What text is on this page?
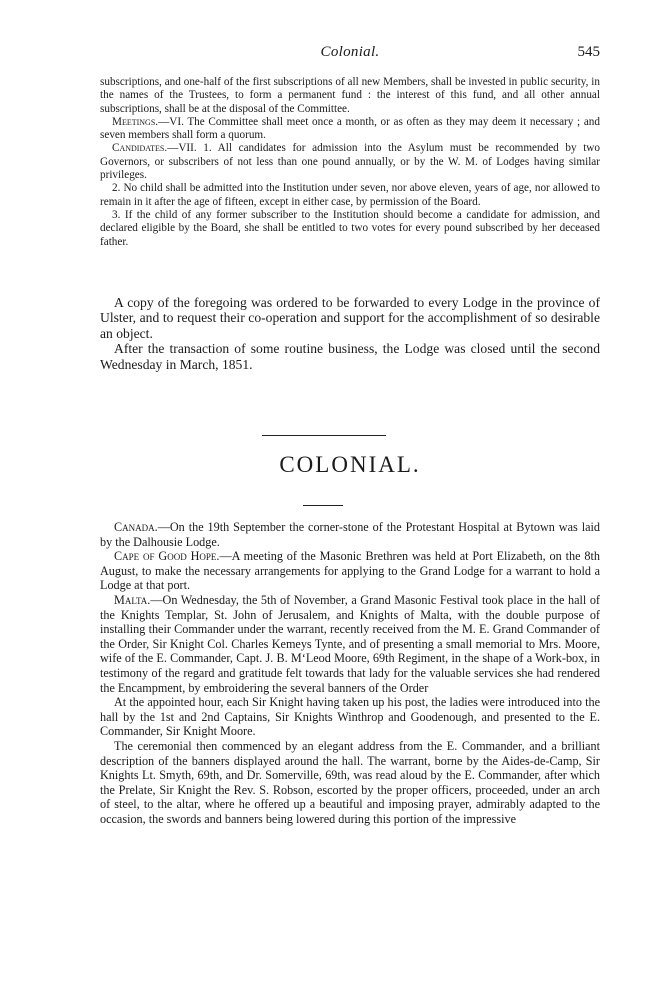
Colonial.	545

subscriptions, and one-half of the first subscriptions of all new Members, shall be invested in public security, in the names of the Trustees, to form a permanent fund : the interest of this fund, and all other annual subscriptions, shall be at the disposal of the Committee.

Meetings.—VI. The Committee shall meet once a month, or as often as they may deem it necessary ; and seven members shall form a quorum.

Candidates.—VII. 1. All candidates for admission into the Asylum must be recommended by two Governors, or subscribers of not less than one pound annually, or by the W. M. of Lodges having similar privileges.

2. No child shall be admitted into the Institution under seven, nor above eleven, years of age, nor allowed to remain in it after the age of fifteen, except in either case, by permission of the Board.

3. If the child of any former subscriber to the Institution should become a candidate for admission, and declared eligible by the Board, she shall be entitled to two votes for every pound subscribed by her deceased father.

A copy of the foregoing was ordered to be forwarded to every Lodge in the province of Ulster, and to request their co-operation and support for the accomplishment of so desirable an object.

After the transaction of some routine business, the Lodge was closed until the second Wednesday in March, 1851.

COLONIAL.

Canada.—On the 19th September the corner-stone of the Protestant Hospital at Bytown was laid by the Dalhousie Lodge.

Cape of Good Hope.—A meeting of the Masonic Brethren was held at Port Elizabeth, on the 8th August, to make the necessary arrangements for applying to the Grand Lodge for a warrant to hold a Lodge at that port.

Malta.—On Wednesday, the 5th of November, a Grand Masonic Festival took place in the hall of the Knights Templar, St. John of Jerusalem, and Knights of Malta, with the double purpose of installing their Commander under the warrant, recently received from the M. E. Grand Commander of the Order, Sir Knight Col. Charles Kemeys Tynte, and of presenting a small memorial to Mrs. Moore, wife of the E. Commander, Capt. J. B. M‘Leod Moore, 69th Regiment, in the shape of a Work-box, in testimony of the regard and gratitude felt towards that lady for the valuable services she had rendered the Encampment, by embroidering the several banners of the Order

At the appointed hour, each Sir Knight having taken up his post, the ladies were introduced into the hall by the 1st and 2nd Captains, Sir Knights Winthrop and Goodenough, and presented to the E. Commander, Sir Knight Moore.

The ceremonial then commenced by an elegant address from the E. Commander, and a brilliant description of the banners displayed around the hall. The warrant, borne by the Aides-de-Camp, Sir Knights Lt. Smyth, 69th, and Dr. Somerville, 69th, was read aloud by the E. Commander, after which the Prelate, Sir Knight the Rev. S. Robson, escorted by the proper officers, proceeded, under an arch of steel, to the altar, where he offered up a beautiful and imposing prayer, admirably adapted to the occasion, the swords and banners being lowered during this portion of the impressive
